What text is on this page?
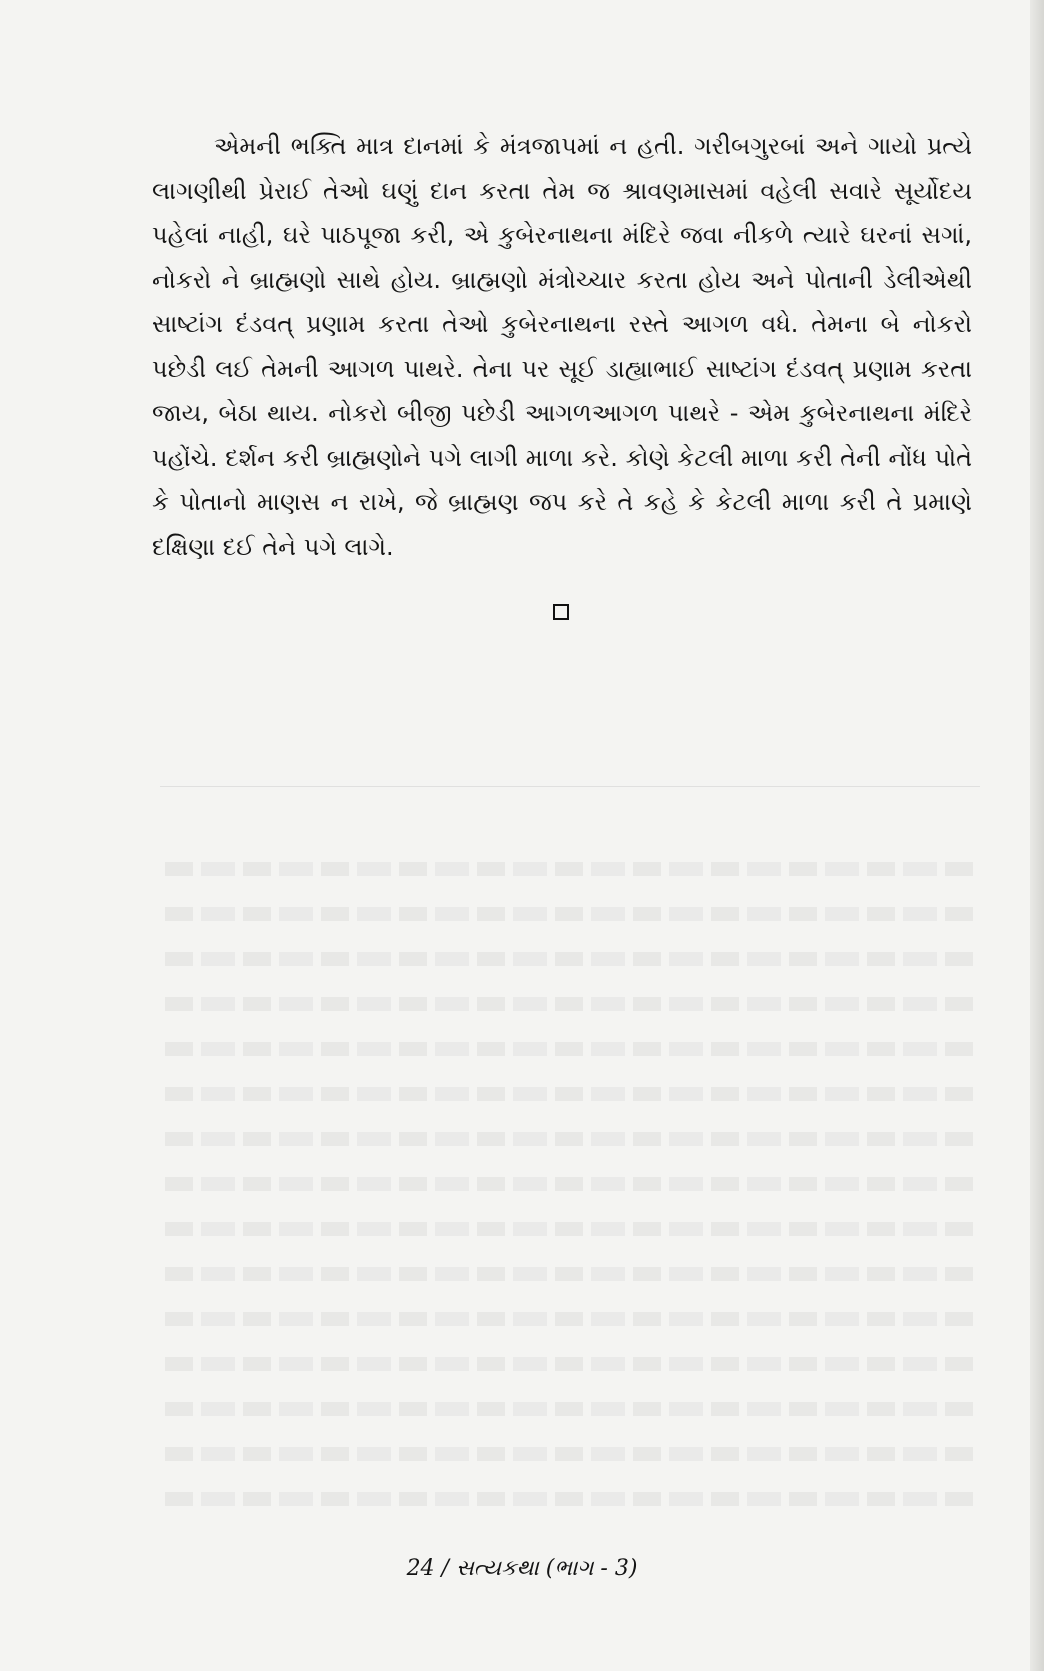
એમની ભક્તિ માત્ર દાનમાં કે મંત્રજાપમાં ન હતી. ગરીબગુરબાં અને ગાયો પ્રત્યે લાગણીથી પ્રેરાઈ તેઓ ઘણું દાન કરતા તેમ જ શ્રાવણમાસમાં વહેલી સવારે સૂર્યોદય પહેલાં નાહી, ઘરે પાઠપૂજા કરી, એ કુબેરનાથના મંદિરે જવા નીકળે ત્યારે ઘરનાં સગાં, નોકરો ને બ્રાહ્મણો સાથે હોય. બ્રાહ્મણો મંત્રોચ્ચાર કરતા હોય અને પોતાની ડેલીએથી સાષ્ટાંગ દંડવત્ પ્રણામ કરતા તેઓ કુબેરનાથના રસ્તે આગળ વધે. તેમના બે નોકરો પછેડી લઈ તેમની આગળ પાથરે. તેના પર સૂઈ ડાહ્યાભાઈ સાષ્ટાંગ દંડવત્ પ્રણામ કરતા જાય, બેઠા થાય. નોકરો બીજી પછેડી આગળઆગળ પાથરે - એમ કુબેરનાથના મંદિરે પહોંચે. દર્શન કરી બ્રાહ્મણોને પગે લાગી માળા કરે. કોણે કેટલી માળા કરી તેની નોંધ પોતે કે પોતાનો માણસ ન રાખે, જે બ્રાહ્મણ જપ કરે તે કહે કે કેટલી માળા કરી તે પ્રમાણે દક્ષિણા દઈ તેને પગે લાગે.

24 / સત્યકથા (ભાગ - 3)
